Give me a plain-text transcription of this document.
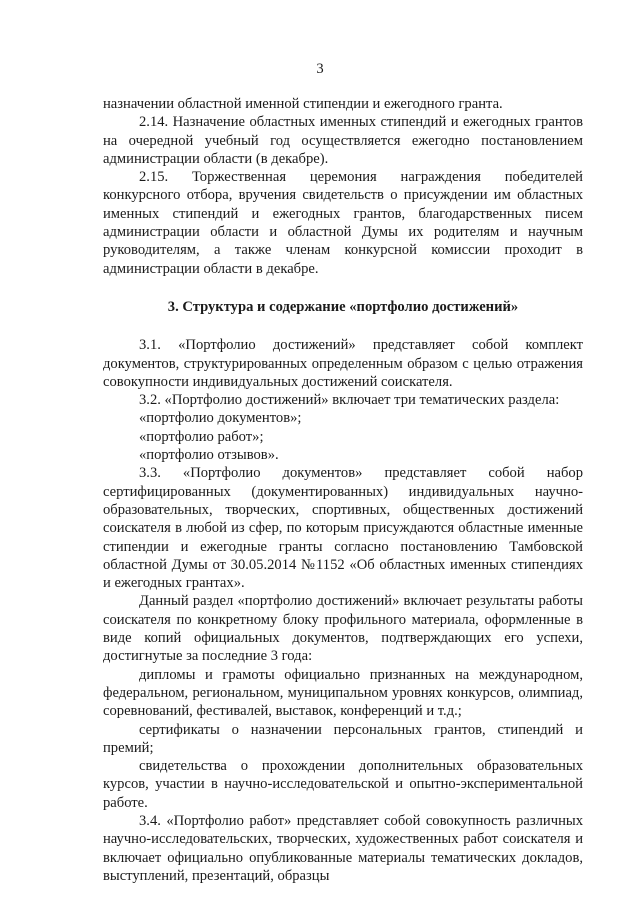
3

назначении областной именной стипендии и ежегодного гранта.

2.14. Назначение областных именных стипендий и ежегодных грантов на очередной учебный год осуществляется ежегодно постановлением администрации области (в декабре).

2.15. Торжественная церемония награждения победителей конкурсного отбора, вручения свидетельств о присуждении им областных именных стипендий и ежегодных грантов, благодарственных писем администрации области и областной Думы их родителям и научным руководителям, а также членам конкурсной комиссии проходит в администрации области в декабре.

3. Структура и содержание «портфолио достижений»

3.1. «Портфолио достижений» представляет собой комплект документов, структурированных определенным образом с целью отражения совокупности индивидуальных достижений соискателя.

3.2. «Портфолио достижений» включает три тематических раздела:

«портфолио документов»;

«портфолио работ»;

«портфолио отзывов».

3.3. «Портфолио документов» представляет собой набор сертифицированных (документированных) индивидуальных научно-образовательных, творческих, спортивных, общественных достижений соискателя в любой из сфер, по которым присуждаются областные именные стипендии и ежегодные гранты согласно постановлению Тамбовской областной Думы от 30.05.2014 №1152 «Об областных именных стипендиях и ежегодных грантах».

Данный раздел «портфолио достижений» включает результаты работы соискателя по конкретному блоку профильного материала, оформленные в виде копий официальных документов, подтверждающих его успехи, достигнутые за последние 3 года:

дипломы и грамоты официально признанных на международном, федеральном, региональном, муниципальном уровнях конкурсов, олимпиад, соревнований, фестивалей, выставок, конференций и т.д.;

сертификаты о назначении персональных грантов, стипендий и премий;

свидетельства о прохождении дополнительных образовательных курсов, участии в научно-исследовательской и опытно-экспериментальной работе.

3.4. «Портфолио работ» представляет собой совокупность различных научно-исследовательских, творческих, художественных работ соискателя и включает официально опубликованные материалы тематических докладов, выступлений, презентаций, образцы
